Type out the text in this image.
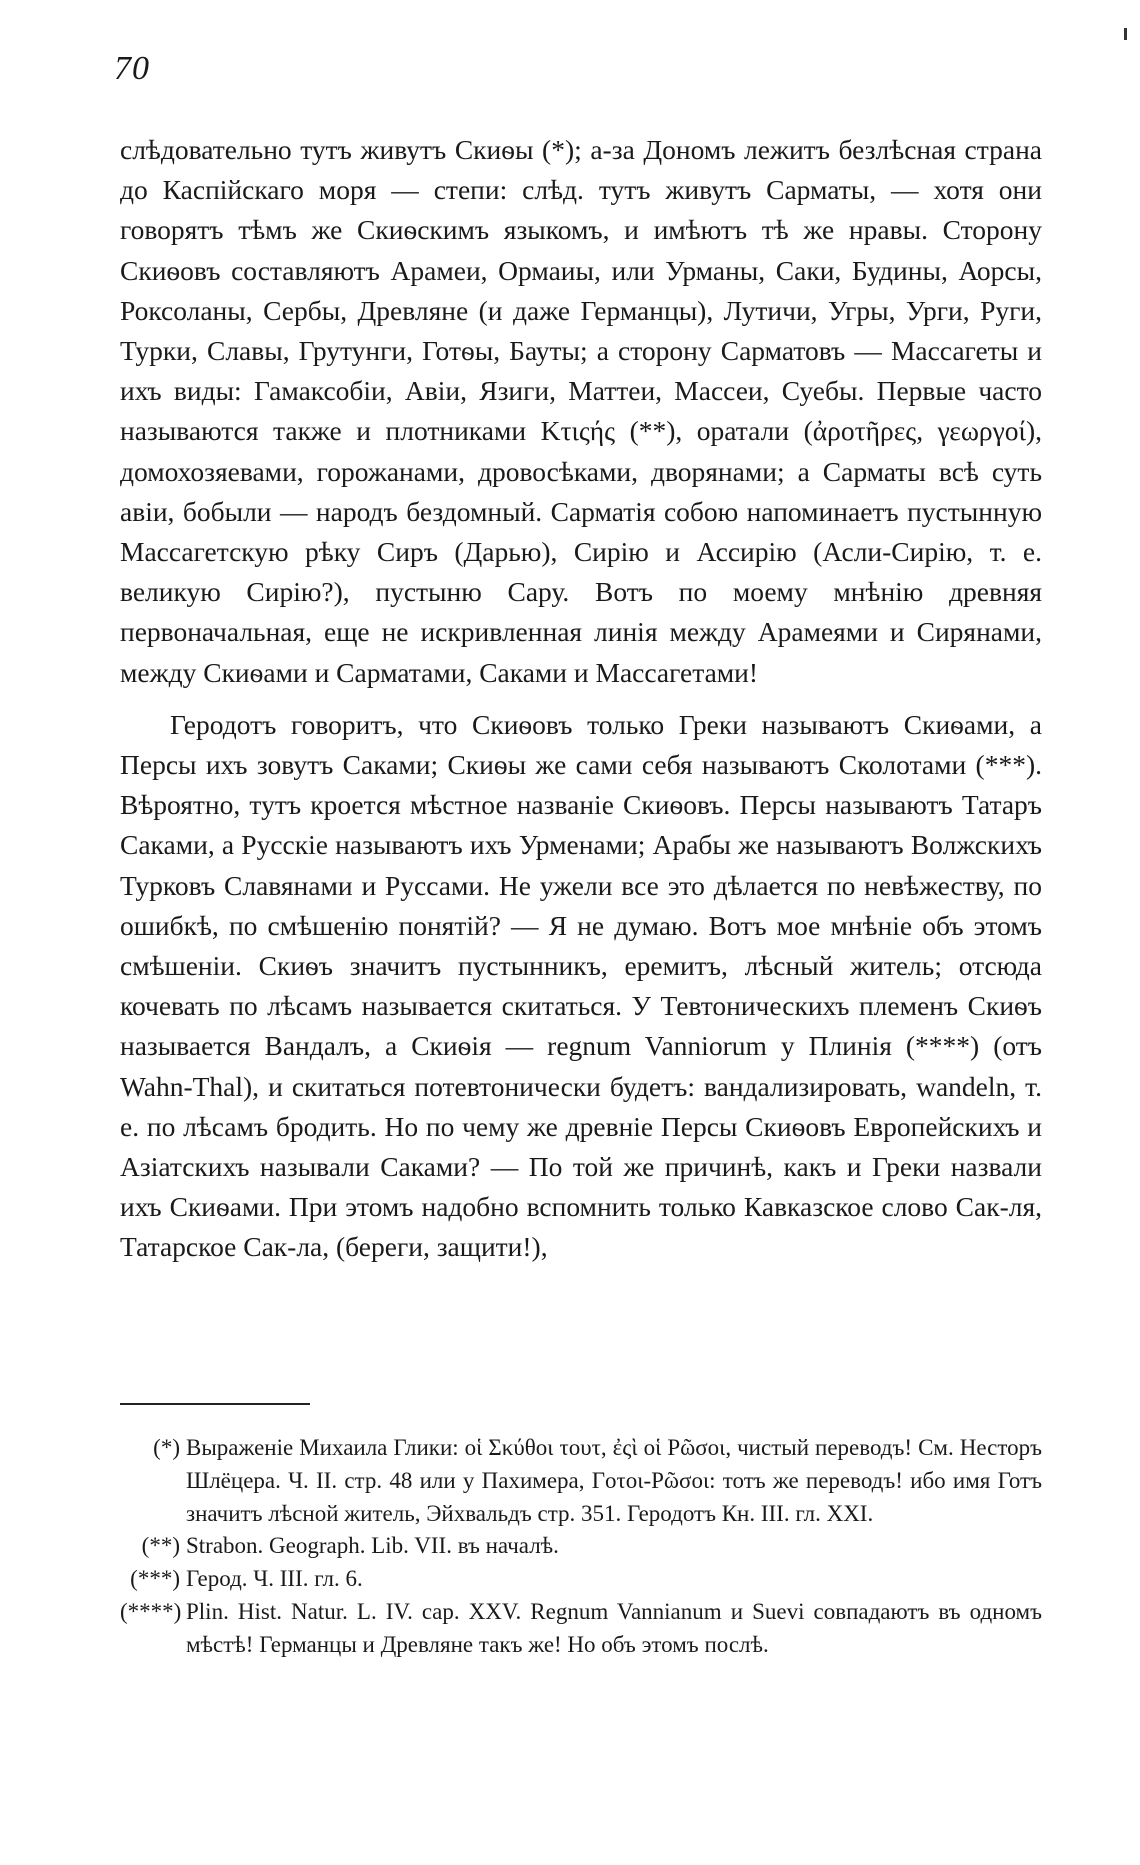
70

слѣдовательно тутъ живутъ Скиѳы (*); а-за Дономъ лежитъ безлѣсная страна до Каспійскаго моря — степи: слѣд. тутъ живутъ Сарматы, — хотя они говорятъ тѣмъ же Скиѳскимъ языкомъ, и имѣютъ тѣ же нравы. Сторону Скиѳовъ составляютъ Арамеи, Ормаиы, или Урманы, Саки, Будины, Аорсы, Роксоланы, Сербы, Древляне (и даже Германцы), Лутичи, Угры, Урги, Руги, Турки, Славы, Грутунги, Готѳы, Бауты; а сторону Сарматовъ — Массагеты и ихъ виды: Гамаксобіи, Авіи, Язиги, Маттеи, Массеи, Суебы. Первые часто называются также и плотниками Κτιςής (**), оратали (ἀροτῆρες, γεωργοί), домохозяевами, горожанами, дровосѣками, дворянами; а Сарматы всѣ суть авіи, бобыли — народъ бездомный. Сарматія собою напоминаетъ пустынную Массагетскую рѣку Сиръ (Дарью), Сирію и Ассирію (Асли-Сирію, т. е. великую Сирію?), пустыню Сару. Вотъ по моему мнѣнію древняя первоначальная, еще не искривленная линія между Арамеями и Сирянами, между Скиѳами и Сарматами, Саками и Массагетами!

Геродотъ говоритъ, что Скиѳовъ только Греки называютъ Скиѳами, а Персы ихъ зовутъ Саками; Скиѳы же сами себя называютъ Сколотами (***). Вѣроятно, тутъ кроется мѣстное названіе Скиѳовъ. Персы называютъ Татаръ Саками, а Русскіе называютъ ихъ Урменами; Арабы же называютъ Волжскихъ Турковъ Славянами и Руссами. Не ужели все это дѣлается по невѣжеству, по ошибкѣ, по смѣшенію понятій? — Я не думаю. Вотъ мое мнѣніе объ этомъ смѣшеніи. Скиѳъ значитъ пустынникъ, еремитъ, лѣсный житель; отсюда кочевать по лѣсамъ называется скитаться. У Тевтоническихъ племенъ Скиѳъ называется Вандалъ, а Скиѳія — regnum Vanniorum у Плинія (****) (отъ Wahn-Thal), и скитаться потевтонически будетъ: вандализировать, wandeln, т. е. по лѣсамъ бродить. Но по чему же древніе Персы Скиѳовъ Европейскихъ и Азіатскихъ называли Саками? — По той же причинѣ, какъ и Греки назвали ихъ Скиѳами. При этомъ надобно вспомнить только Кавказское слово Сак-ля, Татарское Сак-ла, (береги, защити!),

(*) Выраженіе Михаила Глики: οἱ Σκύθοι τουτ, ἐςὶ οἱ Ρῶσοι, чистый переводъ! См. Несторъ Шлёцера. Ч. II. стр. 48 или у Пахимера, Γοτοι-Ρῶσοι: тотъ же переводъ! ибо имя Готъ значитъ лѣсной житель, Эйхвальдъ стр. 351. Геродотъ Кн. III. гл. XXI.
(**) Strabon. Geograph. Lib. VII. въ началѣ.
(***) Герод. Ч. III. гл. 6.
(****) Plin. Hist. Natur. L. IV. cap. XXV. Regnum Vannianum и Suevi совпадаютъ въ одномъ мѣстѣ! Германцы и Древляне такъ же! Но объ этомъ послѣ.
